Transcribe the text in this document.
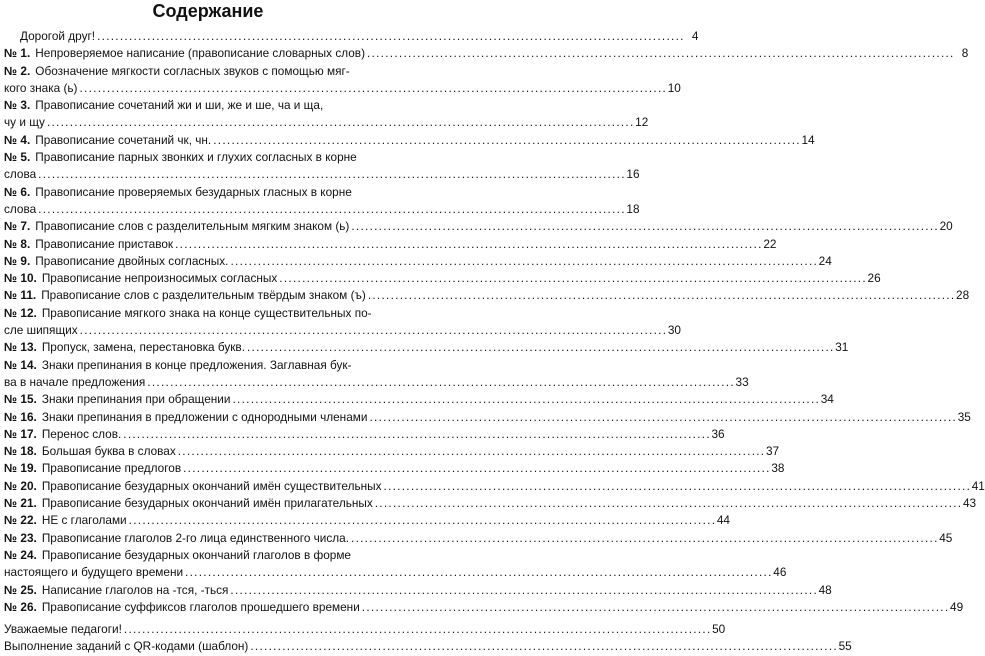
Содержание
Дорогой друг! . . .	4
№ 1. Непроверяемое написание (правописание словарных слов) . . .	8
№ 2. Обозначение мягкости согласных звуков с помощью мяг-
кого знака (ь) . . .	10
№ 3. Правописание сочетаний жи и ши, же и ше, ча и ща,
чу и щу . . .	12
№ 4. Правописание сочетаний чк, чн. . . .	14
№ 5. Правописание парных звонких и глухих согласных в корне
слова . . .	16
№ 6. Правописание проверяемых безударных гласных в корне
слова . . .	18
№ 7. Правописание слов с разделительным мягким знаком (ь) . . .	20
№ 8. Правописание приставок . . .	22
№ 9. Правописание двойных согласных. . . .	24
№ 10. Правописание непроизносимых согласных . . .	26
№ 11. Правописание слов с разделительным твёрдым знаком (ъ) . . .	28
№ 12. Правописание мягкого знака на конце существительных по-
сле шипящих . . .	30
№ 13. Пропуск, замена, перестановка букв. . . .	31
№ 14. Знаки препинания в конце предложения. Заглавная бук-
ва в начале предложения . . .	33
№ 15. Знаки препинания при обращении . . .	34
№ 16. Знаки препинания в предложении с однородными членами . . .	35
№ 17. Перенос слов. . . .	36
№ 18. Большая буква в словах . . .	37
№ 19. Правописание предлогов . . .	38
№ 20. Правописание безударных окончаний имён существительных . . .	41
№ 21. Правописание безударных окончаний имён прилагательных . . .	43
№ 22. НЕ с глаголами . . .	44
№ 23. Правописание глаголов 2-го лица единственного числа. . . .	45
№ 24. Правописание безударных окончаний глаголов в форме
настоящего и будущего времени . . .	46
№ 25. Написание глаголов на -тся, -ться . . .	48
№ 26. Правописание суффиксов глаголов прошедшего времени . . .	49
Уважаемые педагоги! . . .	50
Выполнение заданий с QR-кодами (шаблон) . . .	55
